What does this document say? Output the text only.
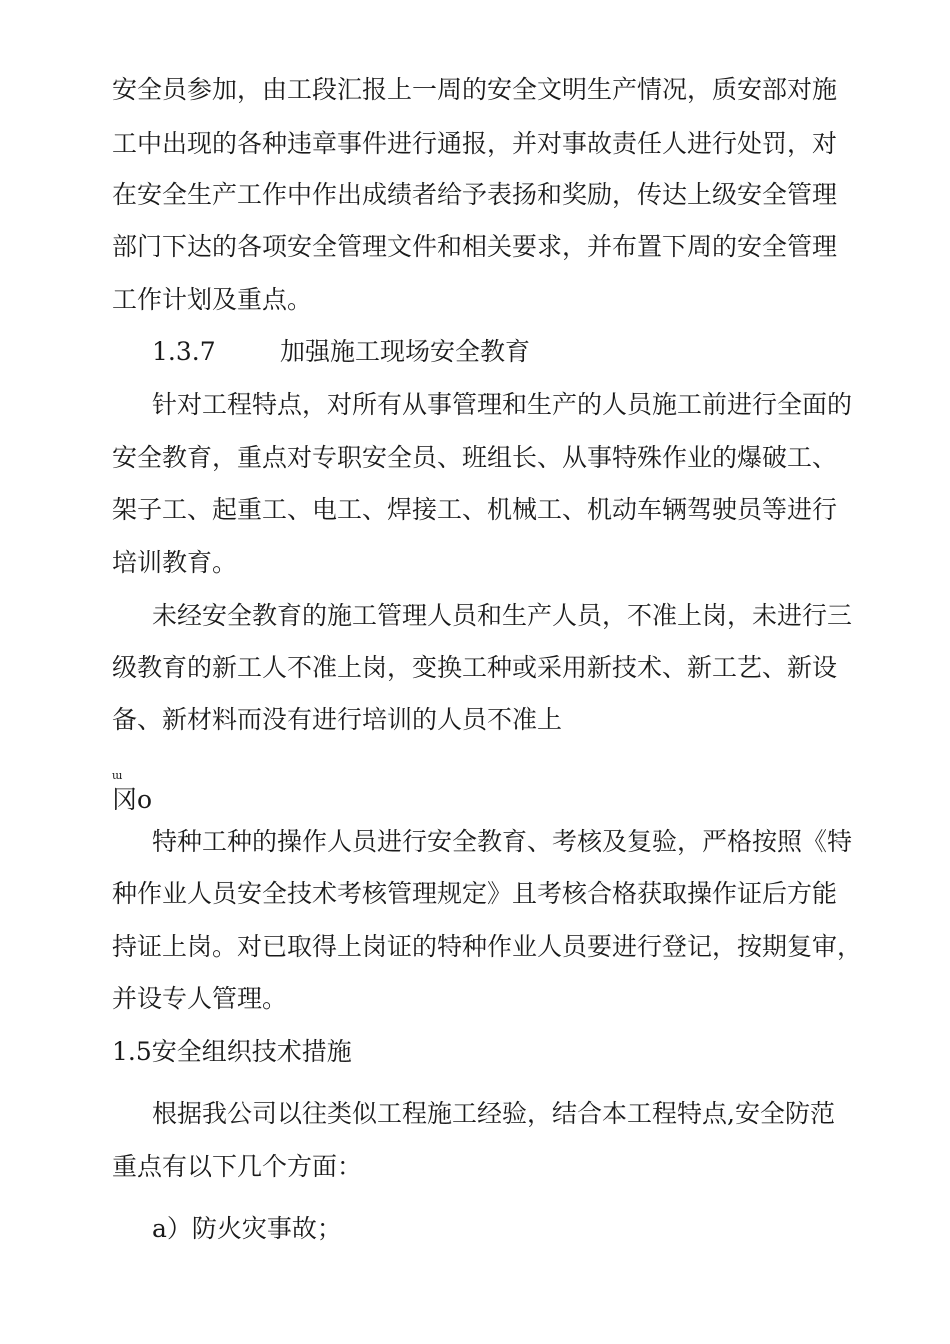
安全员参加，由工段汇报上一周的安全文明生产情况，质安部对施

工中出现的各种违章事件进行通报，并对事故责任人进行处罚，对

在安全生产工作中作出成绩者给予表扬和奖励，传达上级安全管理

部门下达的各项安全管理文件和相关要求，并布置下周的安全管理

工作计划及重点。

1.3.7	加强施工现场安全教育

针对工程特点，对所有从事管理和生产的人员施工前进行全面的

安全教育，重点对专职安全员、班组长、从事特殊作业的爆破工、

架子工、起重工、电工、焊接工、机械工、机动车辆驾驶员等进行

培训教育。

未经安全教育的施工管理人员和生产人员，不准上岗，未进行三

级教育的新工人不准上岗，变换工种或采用新技术、新工艺、新设

备、新材料而没有进行培训的人员不准上

ɯ

冈o

特种工种的操作人员进行安全教育、考核及复验，严格按照《特

种作业人员安全技术考核管理规定》且考核合格获取操作证后方能

持证上岗。对已取得上岗证的特种作业人员要进行登记，按期复审，

并设专人管理。

1.5安全组织技术措施

根据我公司以往类似工程施工经验，结合本工程特点,安全防范

重点有以下几个方面：

a）防火灾事故；
